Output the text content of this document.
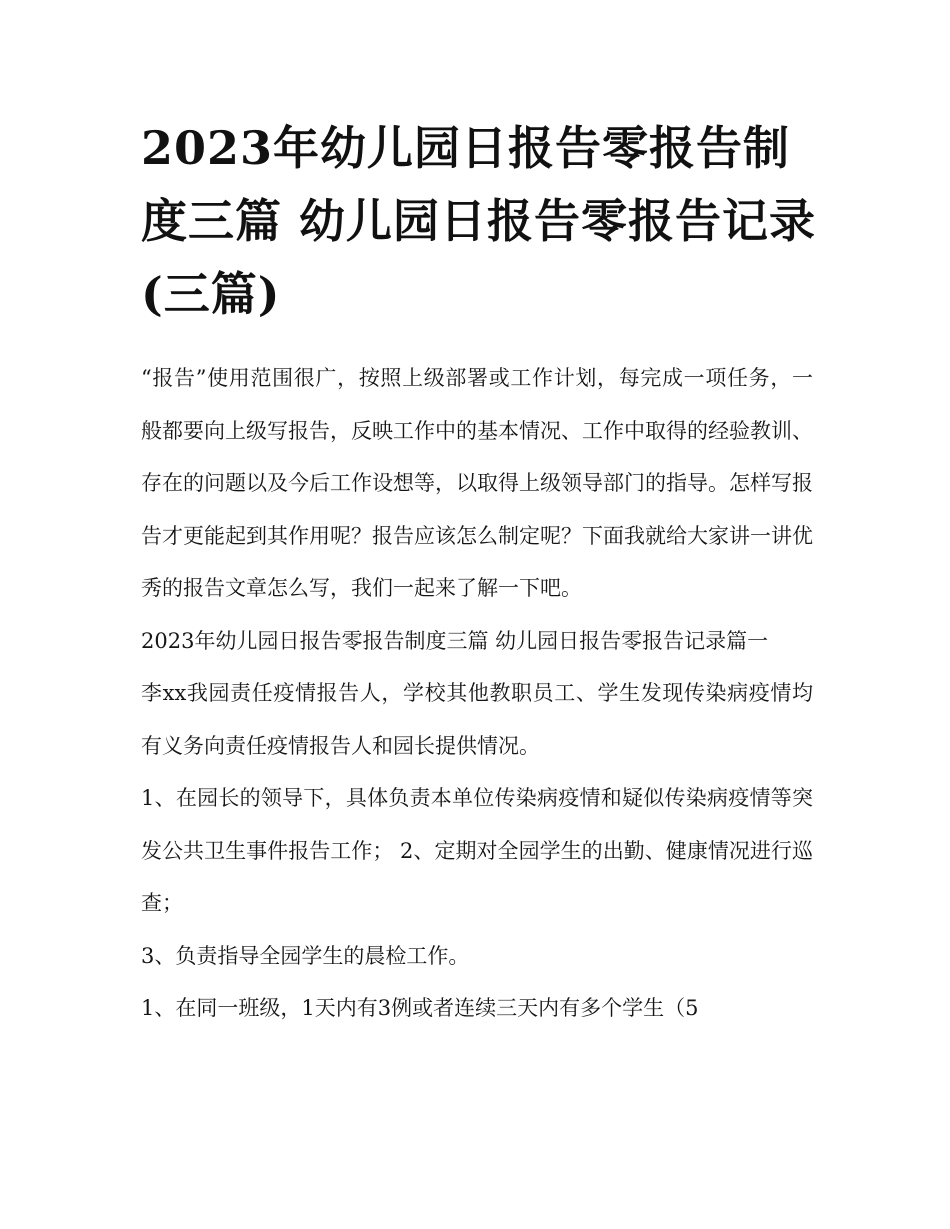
2023年幼儿园日报告零报告制度三篇 幼儿园日报告零报告记录(三篇)

“报告”使用范围很广，按照上级部署或工作计划，每完成一项任务，一般都要向上级写报告，反映工作中的基本情况、工作中取得的经验教训、存在的问题以及今后工作设想等，以取得上级领导部门的指导。怎样写报告才更能起到其作用呢？报告应该怎么制定呢？下面我就给大家讲一讲优秀的报告文章怎么写，我们一起来了解一下吧。

2023年幼儿园日报告零报告制度三篇 幼儿园日报告零报告记录篇一

李xx我园责任疫情报告人，学校其他教职员工、学生发现传染病疫情均有义务向责任疫情报告人和园长提供情况。

1、在园长的领导下，具体负责本单位传染病疫情和疑似传染病疫情等突发公共卫生事件报告工作； 2、定期对全园学生的出勤、健康情况进行巡查；

3、负责指导全园学生的晨检工作。

1、在同一班级，1天内有3例或者连续三天内有多个学生（5
